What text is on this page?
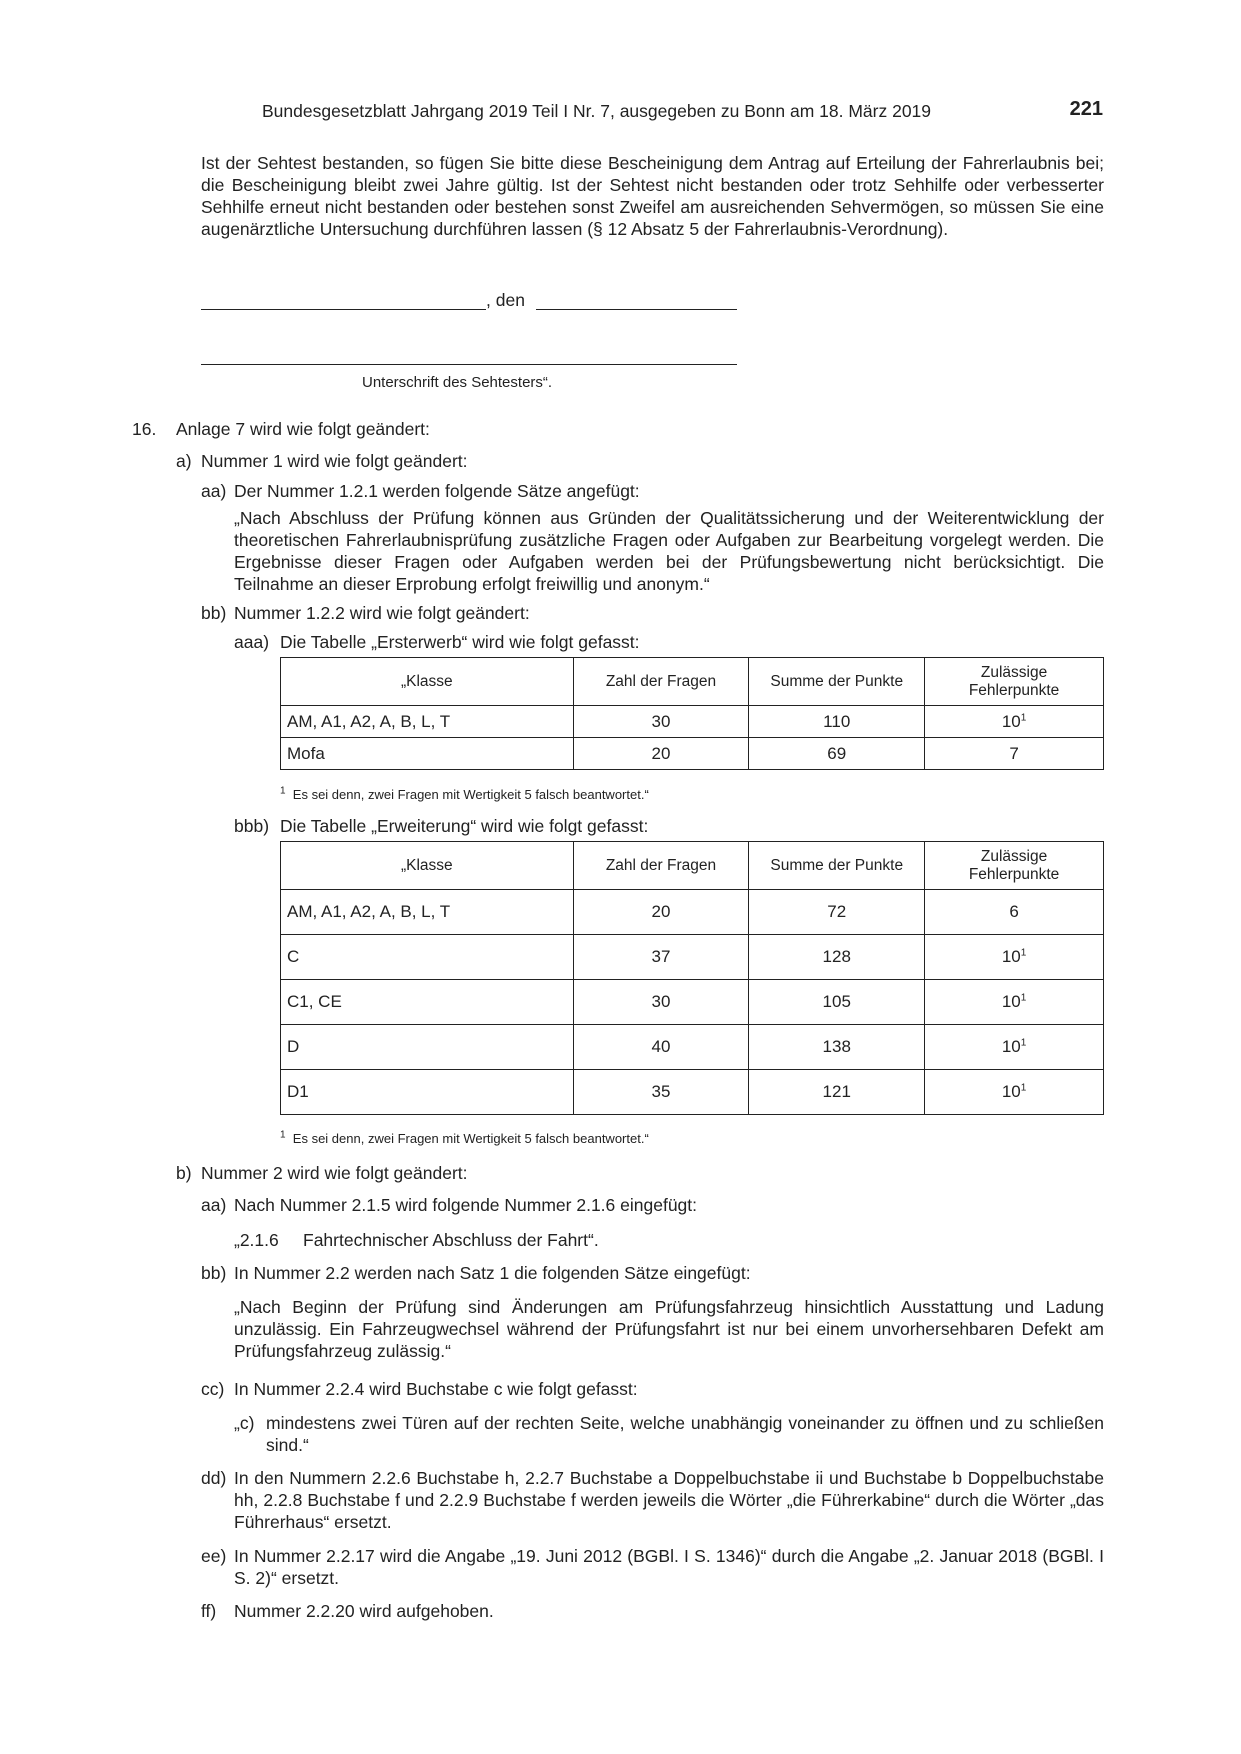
Bundesgesetzblatt Jahrgang 2019 Teil I Nr. 7, ausgegeben zu Bonn am 18. März 2019	221

Ist der Sehtest bestanden, so fügen Sie bitte diese Bescheinigung dem Antrag auf Erteilung der Fahrerlaubnis bei; die Bescheinigung bleibt zwei Jahre gültig. Ist der Sehtest nicht bestanden oder trotz Sehhilfe oder verbesserter Sehhilfe erneut nicht bestanden oder bestehen sonst Zweifel am ausreichenden Sehvermögen, so müssen Sie eine augenärztliche Untersuchung durchführen lassen (§ 12 Absatz 5 der Fahrerlaubnis-Verordnung).

, den
Unterschrift des Sehtesters“.
16. Anlage 7 wird wie folgt geändert:
a) Nummer 1 wird wie folgt geändert:
aa) Der Nummer 1.2.1 werden folgende Sätze angefügt:

„Nach Abschluss der Prüfung können aus Gründen der Qualitätssicherung und der Weiterentwicklung der theoretischen Fahrerlaubnisprüfung zusätzliche Fragen oder Aufgaben zur Bearbeitung vorgelegt werden. Die Ergebnisse dieser Fragen oder Aufgaben werden bei der Prüfungsbewertung nicht berücksichtigt. Die Teilnahme an dieser Erprobung erfolgt freiwillig und anonym.“

bb) Nummer 1.2.2 wird wie folgt geändert:
aaa) Die Tabelle „Ersterwerb“ wird wie folgt gefasst:
„Klasse	Zahl der Fragen	Summe der Punkte	Zulässige
Fehlerpunkte
AM, A1, A2, A, B, L, T	30	110	$10^1$
Mofa	20	69	7
$^1$ Es sei denn, zwei Fragen mit Wertigkeit 5 falsch beantwortet.“
bbb) Die Tabelle „Erweiterung“ wird wie folgt gefasst:
„Klasse	Zahl der Fragen	Summe der Punkte	Zulässige
Fehlerpunkte
AM, A1, A2, A, B, L, T	20	72	6
C	37	128	$10^1$
C1, CE	30	105	$10^1$
D	40	138	$10^1$
D1	35	121	$10^1$
$^1$ Es sei denn, zwei Fragen mit Wertigkeit 5 falsch beantwortet.“
b) Nummer 2 wird wie folgt geändert:
aa) Nach Nummer 2.1.5 wird folgende Nummer 2.1.6 eingefügt:
„2.1.6 Fahrtechnischer Abschluss der Fahrt“.
bb) In Nummer 2.2 werden nach Satz 1 die folgenden Sätze eingefügt:

„Nach Beginn der Prüfung sind Änderungen am Prüfungsfahrzeug hinsichtlich Ausstattung und Ladung unzulässig. Ein Fahrzeugwechsel während der Prüfungsfahrt ist nur bei einem unvorhersehbaren Defekt am Prüfungsfahrzeug zulässig.“

cc) In Nummer 2.2.4 wird Buchstabe c wie folgt gefasst:
„c) mindestens zwei Türen auf der rechten Seite, welche unabhängig voneinander zu öffnen und zu schließen sind.“

dd) In den Nummern 2.2.6 Buchstabe h, 2.2.7 Buchstabe a Doppelbuchstabe ii und Buchstabe b Doppelbuchstabe hh, 2.2.8 Buchstabe f und 2.2.9 Buchstabe f werden jeweils die Wörter „die Führerkabine“ durch die Wörter „das Führerhaus“ ersetzt.

ee) In Nummer 2.2.17 wird die Angabe „19. Juni 2012 (BGBl. I S. 1346)“ durch die Angabe „2. Januar 2018 (BGBl. I S. 2)“ ersetzt.

ff) Nummer 2.2.20 wird aufgehoben.
